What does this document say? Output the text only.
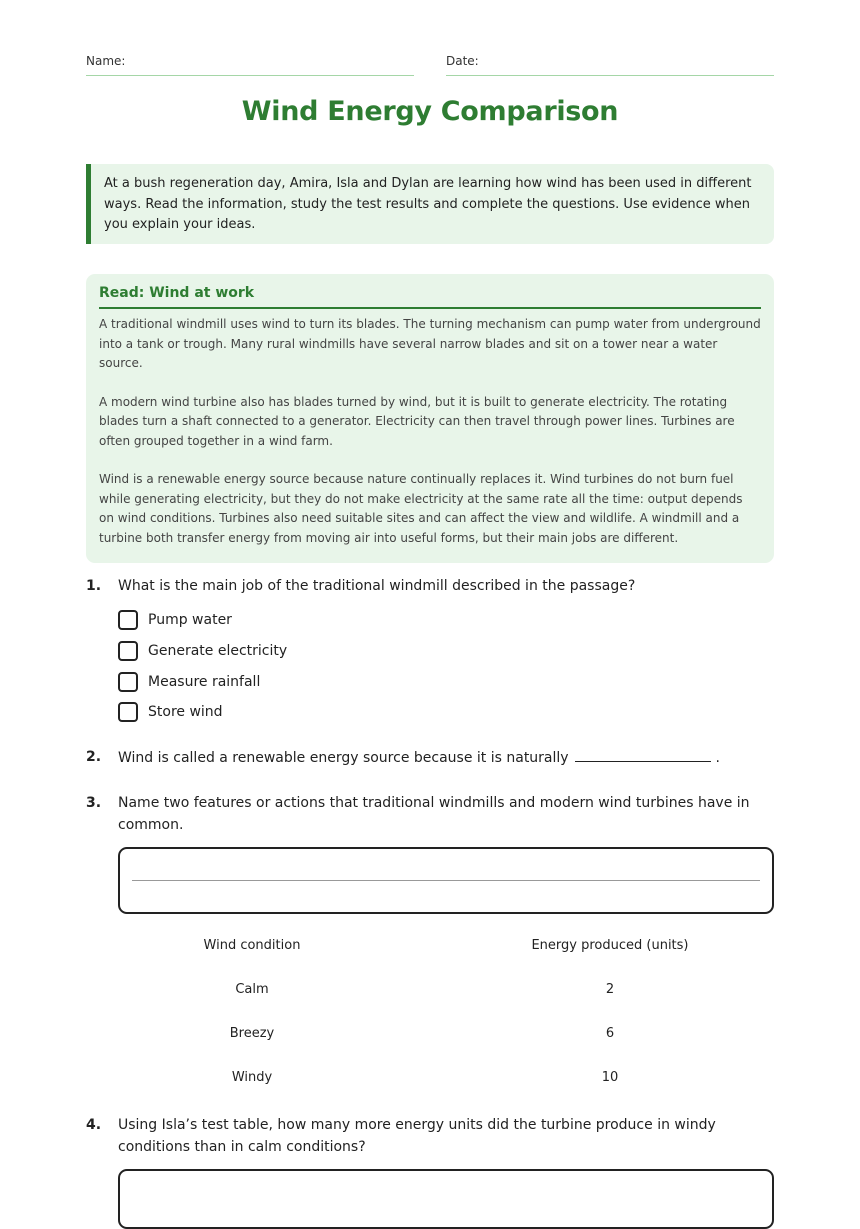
Name:	Date:
Wind Energy Comparison
At a bush regeneration day, Amira, Isla and Dylan are learning how wind has been used in different ways. Read the information, study the test results and complete the questions. Use evidence when you explain your ideas.
Read: Wind at work

A traditional windmill uses wind to turn its blades. The turning mechanism can pump water from underground into a tank or trough. Many rural windmills have several narrow blades and sit on a tower near a water source.

A modern wind turbine also has blades turned by wind, but it is built to generate electricity. The rotating blades turn a shaft connected to a generator. Electricity can then travel through power lines. Turbines are often grouped together in a wind farm.

Wind is a renewable energy source because nature continually replaces it. Wind turbines do not burn fuel while generating electricity, but they do not make electricity at the same rate all the time: output depends on wind conditions. Turbines also need suitable sites and can affect the view and wildlife. A windmill and a turbine both transfer energy from moving air into useful forms, but their main jobs are different.

1. What is the main job of the traditional windmill described in the passage?
Pump water
Generate electricity
Measure rainfall
Store wind
2. Wind is called a renewable energy source because it is naturally	.
3. Name two features or actions that traditional windmills and modern wind turbines have in common.
Wind condition	Energy produced (units)
Calm	2
Breezy	6
Windy	10
4. Using Isla’s test table, how many more energy units did the turbine produce in windy conditions than in calm conditions?
